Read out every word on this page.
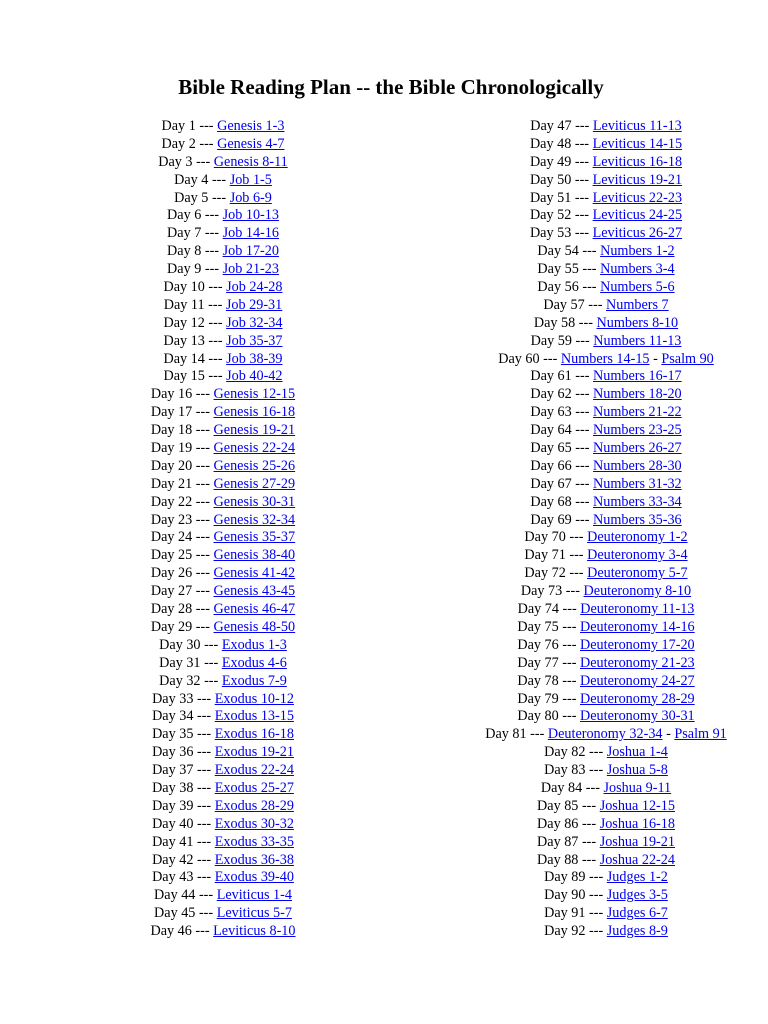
Bible Reading Plan -- the Bible Chronologically
Day 1 --- Genesis 1-3
Day 2 --- Genesis 4-7
Day 3 --- Genesis 8-11
Day 4 --- Job 1-5
Day 5 --- Job 6-9
Day 6 --- Job 10-13
Day 7 --- Job 14-16
Day 8 --- Job 17-20
Day 9 --- Job 21-23
Day 10 --- Job 24-28
Day 11 --- Job 29-31
Day 12 --- Job 32-34
Day 13 --- Job 35-37
Day 14 --- Job 38-39
Day 15 --- Job 40-42
Day 16 --- Genesis 12-15
Day 17 --- Genesis 16-18
Day 18 --- Genesis 19-21
Day 19 --- Genesis 22-24
Day 20 --- Genesis 25-26
Day 21 --- Genesis 27-29
Day 22 --- Genesis 30-31
Day 23 --- Genesis 32-34
Day 24 --- Genesis 35-37
Day 25 --- Genesis 38-40
Day 26 --- Genesis 41-42
Day 27 --- Genesis 43-45
Day 28 --- Genesis 46-47
Day 29 --- Genesis 48-50
Day 30 --- Exodus 1-3
Day 31 --- Exodus 4-6
Day 32 --- Exodus 7-9
Day 33 --- Exodus 10-12
Day 34 --- Exodus 13-15
Day 35 --- Exodus 16-18
Day 36 --- Exodus 19-21
Day 37 --- Exodus 22-24
Day 38 --- Exodus 25-27
Day 39 --- Exodus 28-29
Day 40 --- Exodus 30-32
Day 41 --- Exodus 33-35
Day 42 --- Exodus 36-38
Day 43 --- Exodus 39-40
Day 44 --- Leviticus 1-4
Day 45 --- Leviticus 5-7
Day 46 --- Leviticus 8-10
Day 47 --- Leviticus 11-13
Day 48 --- Leviticus 14-15
Day 49 --- Leviticus 16-18
Day 50 --- Leviticus 19-21
Day 51 --- Leviticus 22-23
Day 52 --- Leviticus 24-25
Day 53 --- Leviticus 26-27
Day 54 --- Numbers 1-2
Day 55 --- Numbers 3-4
Day 56 --- Numbers 5-6
Day 57 --- Numbers 7
Day 58 --- Numbers 8-10
Day 59 --- Numbers 11-13
Day 60 --- Numbers 14-15 - Psalm 90
Day 61 --- Numbers 16-17
Day 62 --- Numbers 18-20
Day 63 --- Numbers 21-22
Day 64 --- Numbers 23-25
Day 65 --- Numbers 26-27
Day 66 --- Numbers 28-30
Day 67 --- Numbers 31-32
Day 68 --- Numbers 33-34
Day 69 --- Numbers 35-36
Day 70 --- Deuteronomy 1-2
Day 71 --- Deuteronomy 3-4
Day 72 --- Deuteronomy 5-7
Day 73 --- Deuteronomy 8-10
Day 74 --- Deuteronomy 11-13
Day 75 --- Deuteronomy 14-16
Day 76 --- Deuteronomy 17-20
Day 77 --- Deuteronomy 21-23
Day 78 --- Deuteronomy 24-27
Day 79 --- Deuteronomy 28-29
Day 80 --- Deuteronomy 30-31
Day 81 --- Deuteronomy 32-34 - Psalm 91
Day 82 --- Joshua 1-4
Day 83 --- Joshua 5-8
Day 84 --- Joshua 9-11
Day 85 --- Joshua 12-15
Day 86 --- Joshua 16-18
Day 87 --- Joshua 19-21
Day 88 --- Joshua 22-24
Day 89 --- Judges 1-2
Day 90 --- Judges 3-5
Day 91 --- Judges 6-7
Day 92 --- Judges 8-9
